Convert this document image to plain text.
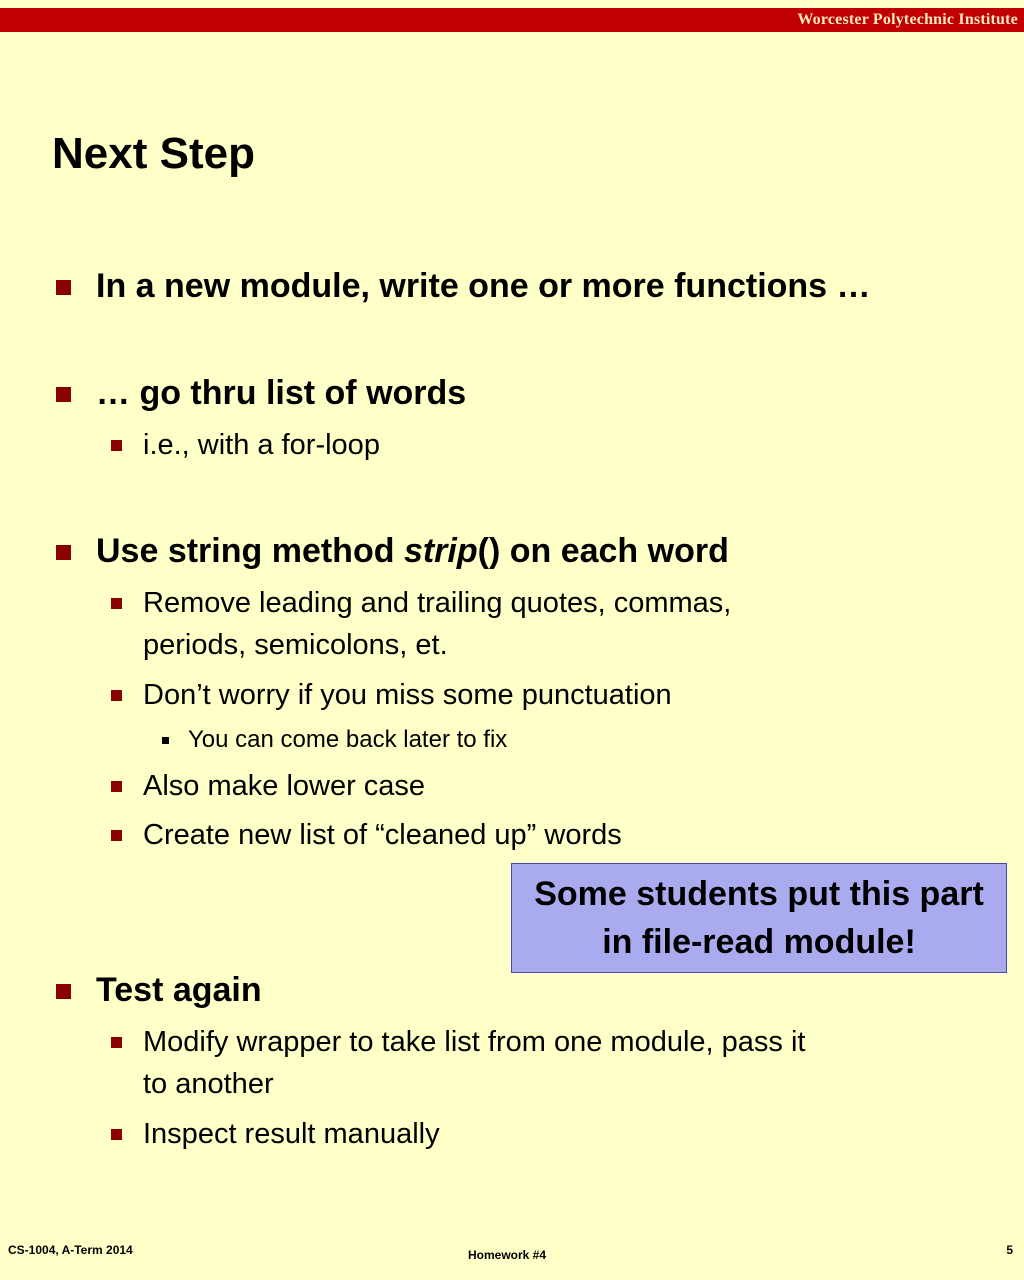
Worcester Polytechnic Institute
Next Step
In a new module, write one or more functions …
… go thru list of words
i.e., with a for-loop
Use string method strip() on each word
Remove leading and trailing quotes, commas,
periods, semicolons, et.
Don’t worry if you miss some punctuation
You can come back later to fix
Also make lower case
Create new list of “cleaned up” words
Some students put this part
in file-read module!
Test again
Modify wrapper to take list from one module, pass it
to another
Inspect result manually
CS-1004, A-Term 2014	Homework #4	5
